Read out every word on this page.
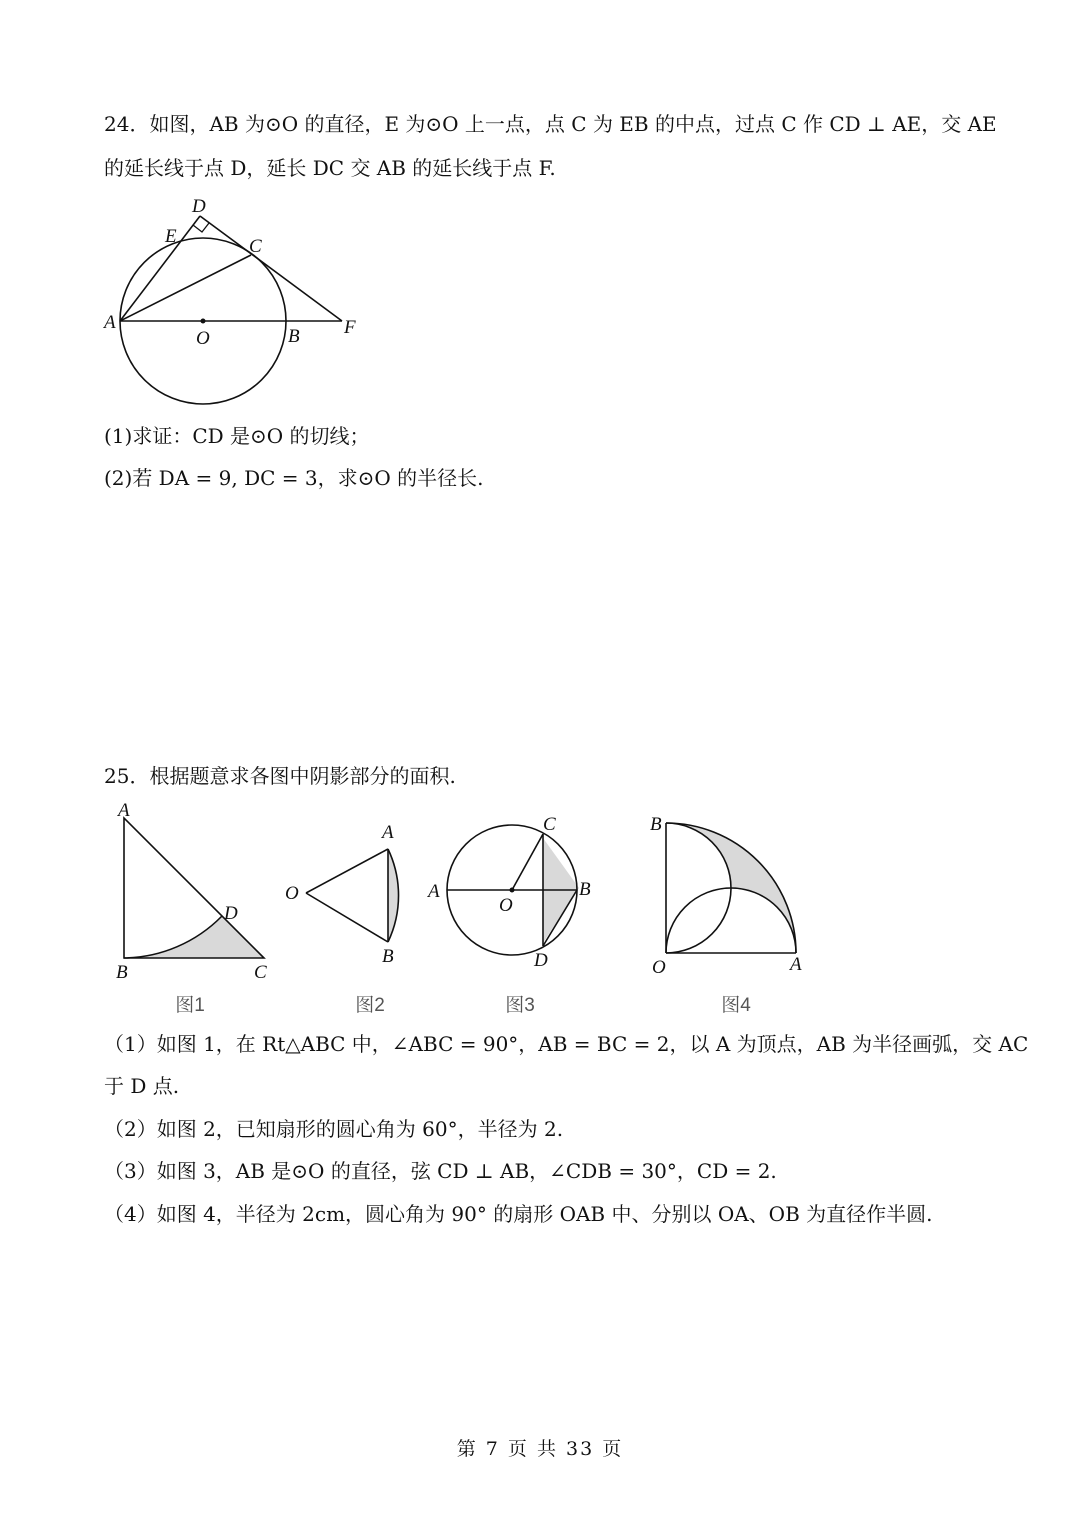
24．如图，AB 为⊙O 的直径，E 为⊙O 上一点，点 C 为 EB 的中点，过点 C 作 CD ⊥ AE，交 AE
的延长线于点 D，延长 DC 交 AB 的延长线于点 F.
D
E	C
A
O	B F
(1)求证：CD 是⊙O 的切线；
(2)若 DA = 9, DC = 3，求⊙O 的半径长.
25．根据题意求各图中阴影部分的面积.
A
B	C
D
图1
O
A
B
图2
A	B
C
D
O
图3
B
O	A
图4
（1）如图 1，在 Rt△ABC 中，∠ABC = 90°，AB = BC = 2，以 A 为顶点，AB 为半径画弧，交 AC
于 D 点.
（2）如图 2，已知扇形的圆心角为 60°，半径为 2.
（3）如图 3，AB 是⊙O 的直径，弦 CD ⊥ AB，∠CDB = 30°，CD = 2.
（4）如图 4，半径为 2cm，圆心角为 90° 的扇形 OAB 中、分别以 OA、OB 为直径作半圆.
第 7 页 共 33 页
